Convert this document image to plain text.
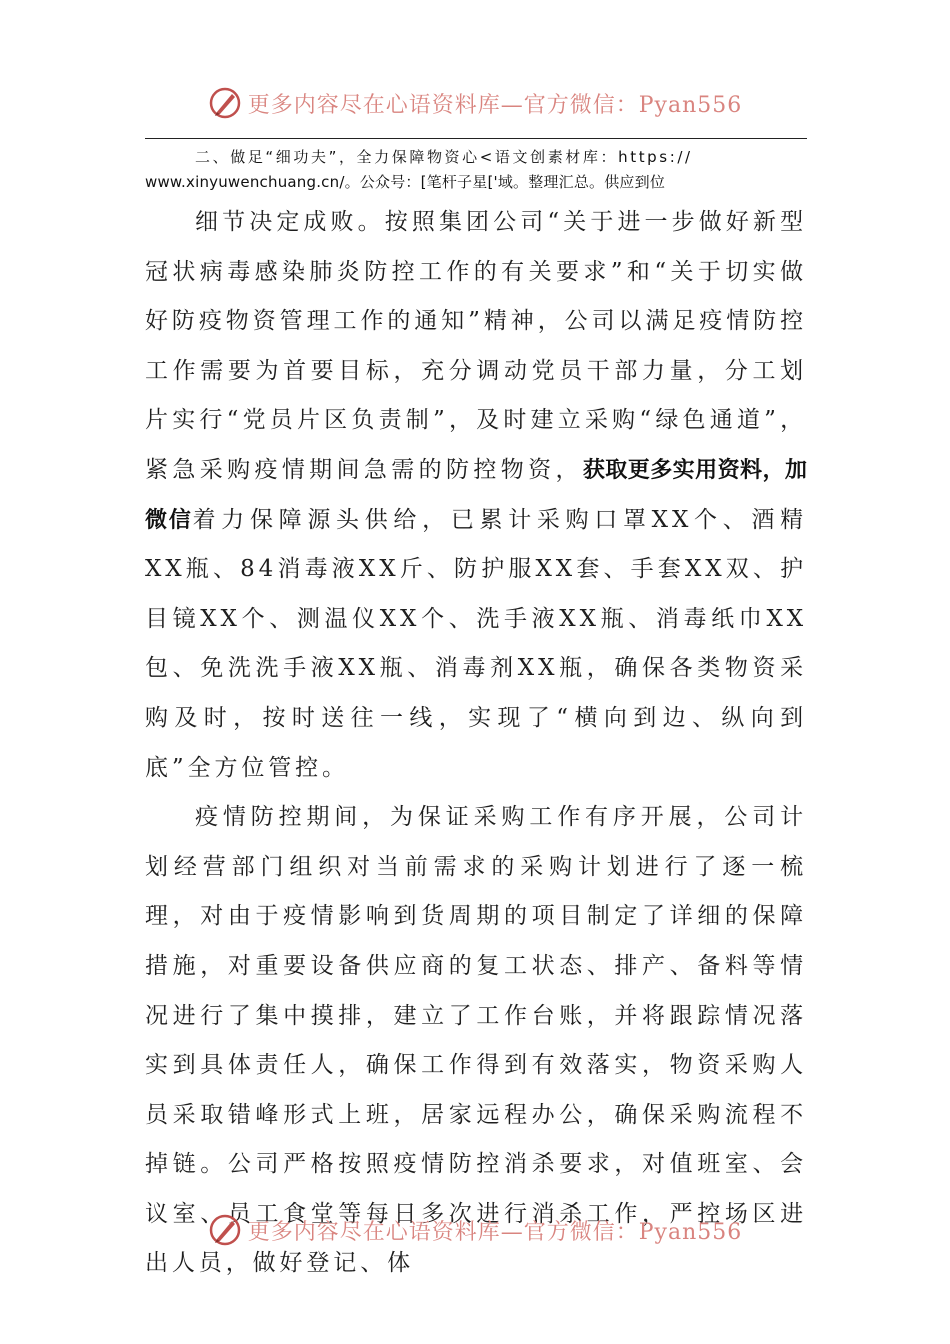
更多内容尽在心语资料库—官方微信：Pyan556
二、做足“细功夫”，全力保障物资心<语文创素材库：https://
www.xinyuwenchuang.cn/。公众号：[笔杆子星['域。整理汇总。供应到位

细节决定成败。按照集团公司“关于进一步做好新型冠状病毒感染肺炎防控工作的有关要求”和“关于切实做好防疫物资管理工作的通知”精神，公司以满足疫情防控工作需要为首要目标，充分调动党员干部力量，分工划片实行“党员片区负责制”，及时建立采购“绿色通道”，紧急采购疫情期间急需的防控物资，获取更多实用资料，加微信着力保障源头供给，已累计采购口罩XX个、酒精XX瓶、84消毒液XX斤、防护服XX套、手套XX双、护目镜XX个、测温仪XX个、洗手液XX瓶、消毒纸巾XX包、免洗洗手液XX瓶、消毒剂XX瓶，确保各类物资采购及时，按时送往一线，实现了“横向到边、纵向到底”全方位管控。

疫情防控期间，为保证采购工作有序开展，公司计划经营部门组织对当前需求的采购计划进行了逐一梳理，对由于疫情影响到货周期的项目制定了详细的保障措施，对重要设备供应商的复工状态、排产、备料等情况进行了集中摸排，建立了工作台账，并将跟踪情况落实到具体责任人，确保工作得到有效落实，物资采购人员采取错峰形式上班，居家远程办公，确保采购流程不掉链。公司严格按照疫情防控消杀要求，对值班室、会议室、员工食堂等每日多次进行消杀工作，严控场区进出人员，做好登记、体

更多内容尽在心语资料库—官方微信：Pyan556
